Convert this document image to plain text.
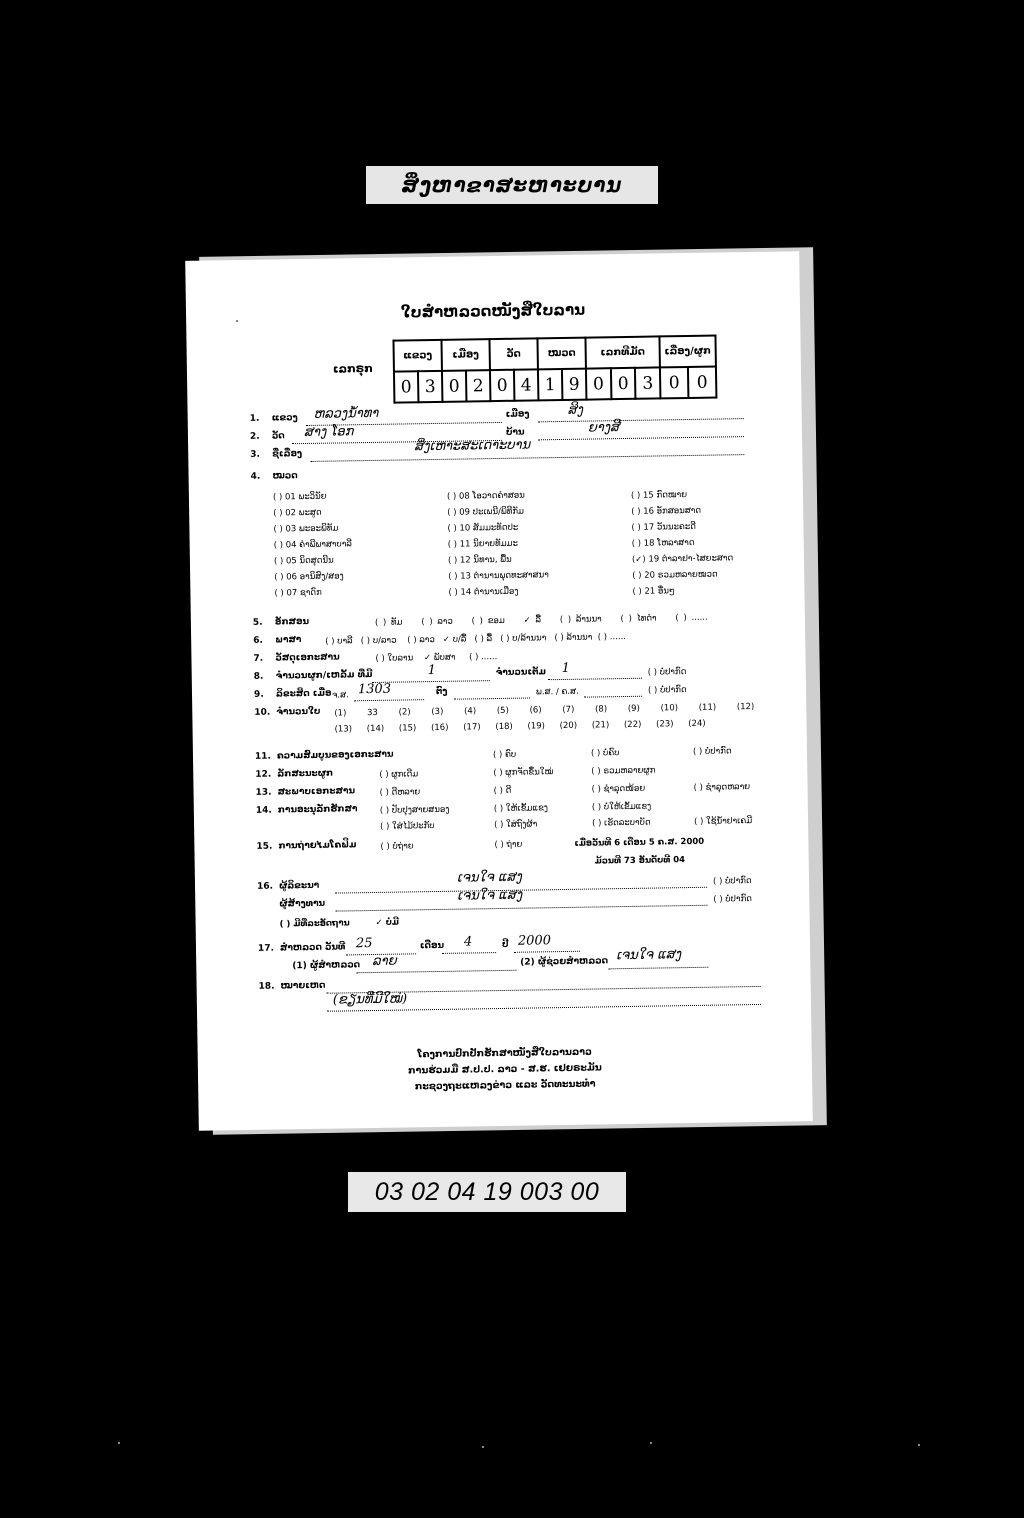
ສິ່ງຫາຂາສະຫາະບານ
ໃບສຳຫລວດໜັງສືໃບລານ
ເລກຣຸກ
ແຂວງ		ເມືອງ		ວັດ		ໝວດ		ເລກທີມັດ			ເລື່ອງ/ຜູກ	
0	3	0	2	0	4	1	9	0	0	3	0	0
1. ແຂວງ ຫລວງນ້ຳທາ	ເມືອງ	ສິງ
2. ວັດ ສາງ ໂອກ	ບ້ານ	ຍາງສີ
3. ຊື່ເລື່ອງ	ສິ່ງເຫາະສະເດາະບານ
4. ໝວດ
( ) 01 ພະວິນັຍ
( ) 02 ພະສູດ
( ) 03 ພະອະພິທັມ
( ) 04 ຄຳພີພາສາບາລີ
( ) 05 ນິດສຸດນີນ
( ) 06 ອານິສົງ/ສອງ
( ) 07 ຊາດົກ
( ) 08 ໂອວາດຄຳສອນ
( ) 09 ປະເພນີ/ພິທີກັມ
( ) 10 ສັມມະທັດປະ
( ) 11 ນິຍາຍທັມມະ
( ) 12 ນິທານ, ພື້ນ
( ) 13 ຕຳນານພຸດທະສາສນາ
( ) 14 ຕຳນານເມືອງ
( ) 15 ກົດໝາຍ
( ) 16 ອັກສອນສາດ
( ) 17 ວັນນະຄະດີ
( ) 18 ໂຫລາສາດ
(✓) 19 ຕຳລາຢາ-ໄສຍະສາດ
( ) 20 ຣວມຫລາຍໝວດ
( ) 21 ອື່ນໆ
5. ອັກສອນ	( ) ທັມ ( ) ລາວ ( ) ຂອມ ✓ ລື້ ( ) ລ້ານນາ ( ) ໄທດຳ ( ) ......
6. ພາສາ	( ) ບາລີ ( ) ບ/ລາວ ( ) ລາວ ✓ ບ/ລື້ ( ) ລື້ ( ) ບ/ລ້ານນາ ( ) ລ້ານນາ ( ) ......
7. ວັສດຸເອກະສານ	( ) ໃບລານ ✓ ພັບສາ ( ) ......
8. ຈຳນວນຜູກ/ເຫລັ້ມ ທີ່ມີ	1	ຈຳນວນເຕັມ 1	( ) ບໍ່ປາກົດ
9. ລິຂະສິດ ເມື່ອ ຈ.ສ. 1303	ຕົງ	ພ.ສ. / ຄ.ສ.	( ) ບໍ່ປາກົດ
10. ຈຳນວນໃບ (1) 33 (2) (3) (4) (5) (6) (7) (8) (9) (10) (11) (12)
(13) (14) (15) (16) (17) (18) (19) (20) (21) (22) (23) (24)
11. ຄວາມສົມບູນຂອງເອກະສານ	( ) ຄົບ	( ) ບໍ່ຄົບ	( ) ບໍ່ປາກົດ
12. ລັກສະນະຜູກ	( ) ຜູກເດີມ	( ) ຜູກຈັດຂຶ້ນໃໝ່	( ) ຣວມຫລາຍຜູກ
13. ສະພາບເອກະສານ	( ) ດີຫລາຍ	( ) ດີ	( ) ຊຳລຸດໜ້ອຍ	( ) ຊຳລຸດຫລາຍ
14. ການອະນຸລັກຮັກສາ	( ) ປັບປຸງສາຍສນອງ	( ) ໃຫ້ເຂັ້ມແຂງ	( ) ບໍ່ໃຫ້ເຂັ້ມແຂງ
( ) ໃສ່ໄມ້ປະກັບ	( ) ໃສ່ຖົງຜ້າ	( ) ເຮັດລະບາບັດ	( ) ໃຊ້ນ້ຳຢາເຄມີ
15. ການຖ່າຍໄມໂຄຟິມ	( ) ບໍ່ຖ່າຍ	( ) ຖ່າຍ	ເມື່ອວັນທີ 6 ເດືອນ 5 ຄ.ສ. 2000
ມ້ວນທີ 73 ອັນດັບທີ 04
16. ຜູ້ລິຂະນາ
ເຈນໃຈ ແສງ	( ) ບໍ່ປາກົດ
ຜູ້ສ້າງທານ
ເຈນໃຈ ແສງ	( ) ບໍ່ປາກົດ
( ) ມີທີ່ລະອັດຖານ	✓ ບໍ່ມີ
17. ສຳຫລວດ ວັນທີ 25	ເດືອນ 4	ປີ 2000
(1) ຜູ້ສຳຫລວດ ລາຍ	(2) ຜູ້ຊ່ວຍສຳຫລວດ ເຈນໃຈ ແສງ
18. ໝາຍເຫດ
(ຂຽນທີ່ມີໃໝ່)
ໂຄງການປົກປັກຮັກສາໜັງສືໃບລານລາວ
ການຮ່ວມມື ສ.ປ.ປ. ລາວ - ສ.ຮ. ເຢຍຣະມັນ
ກະຊວງຖະແຫລງຂ່າວ ແລະ ວັດທະນະທຳ
03 02 04 19 003 00
